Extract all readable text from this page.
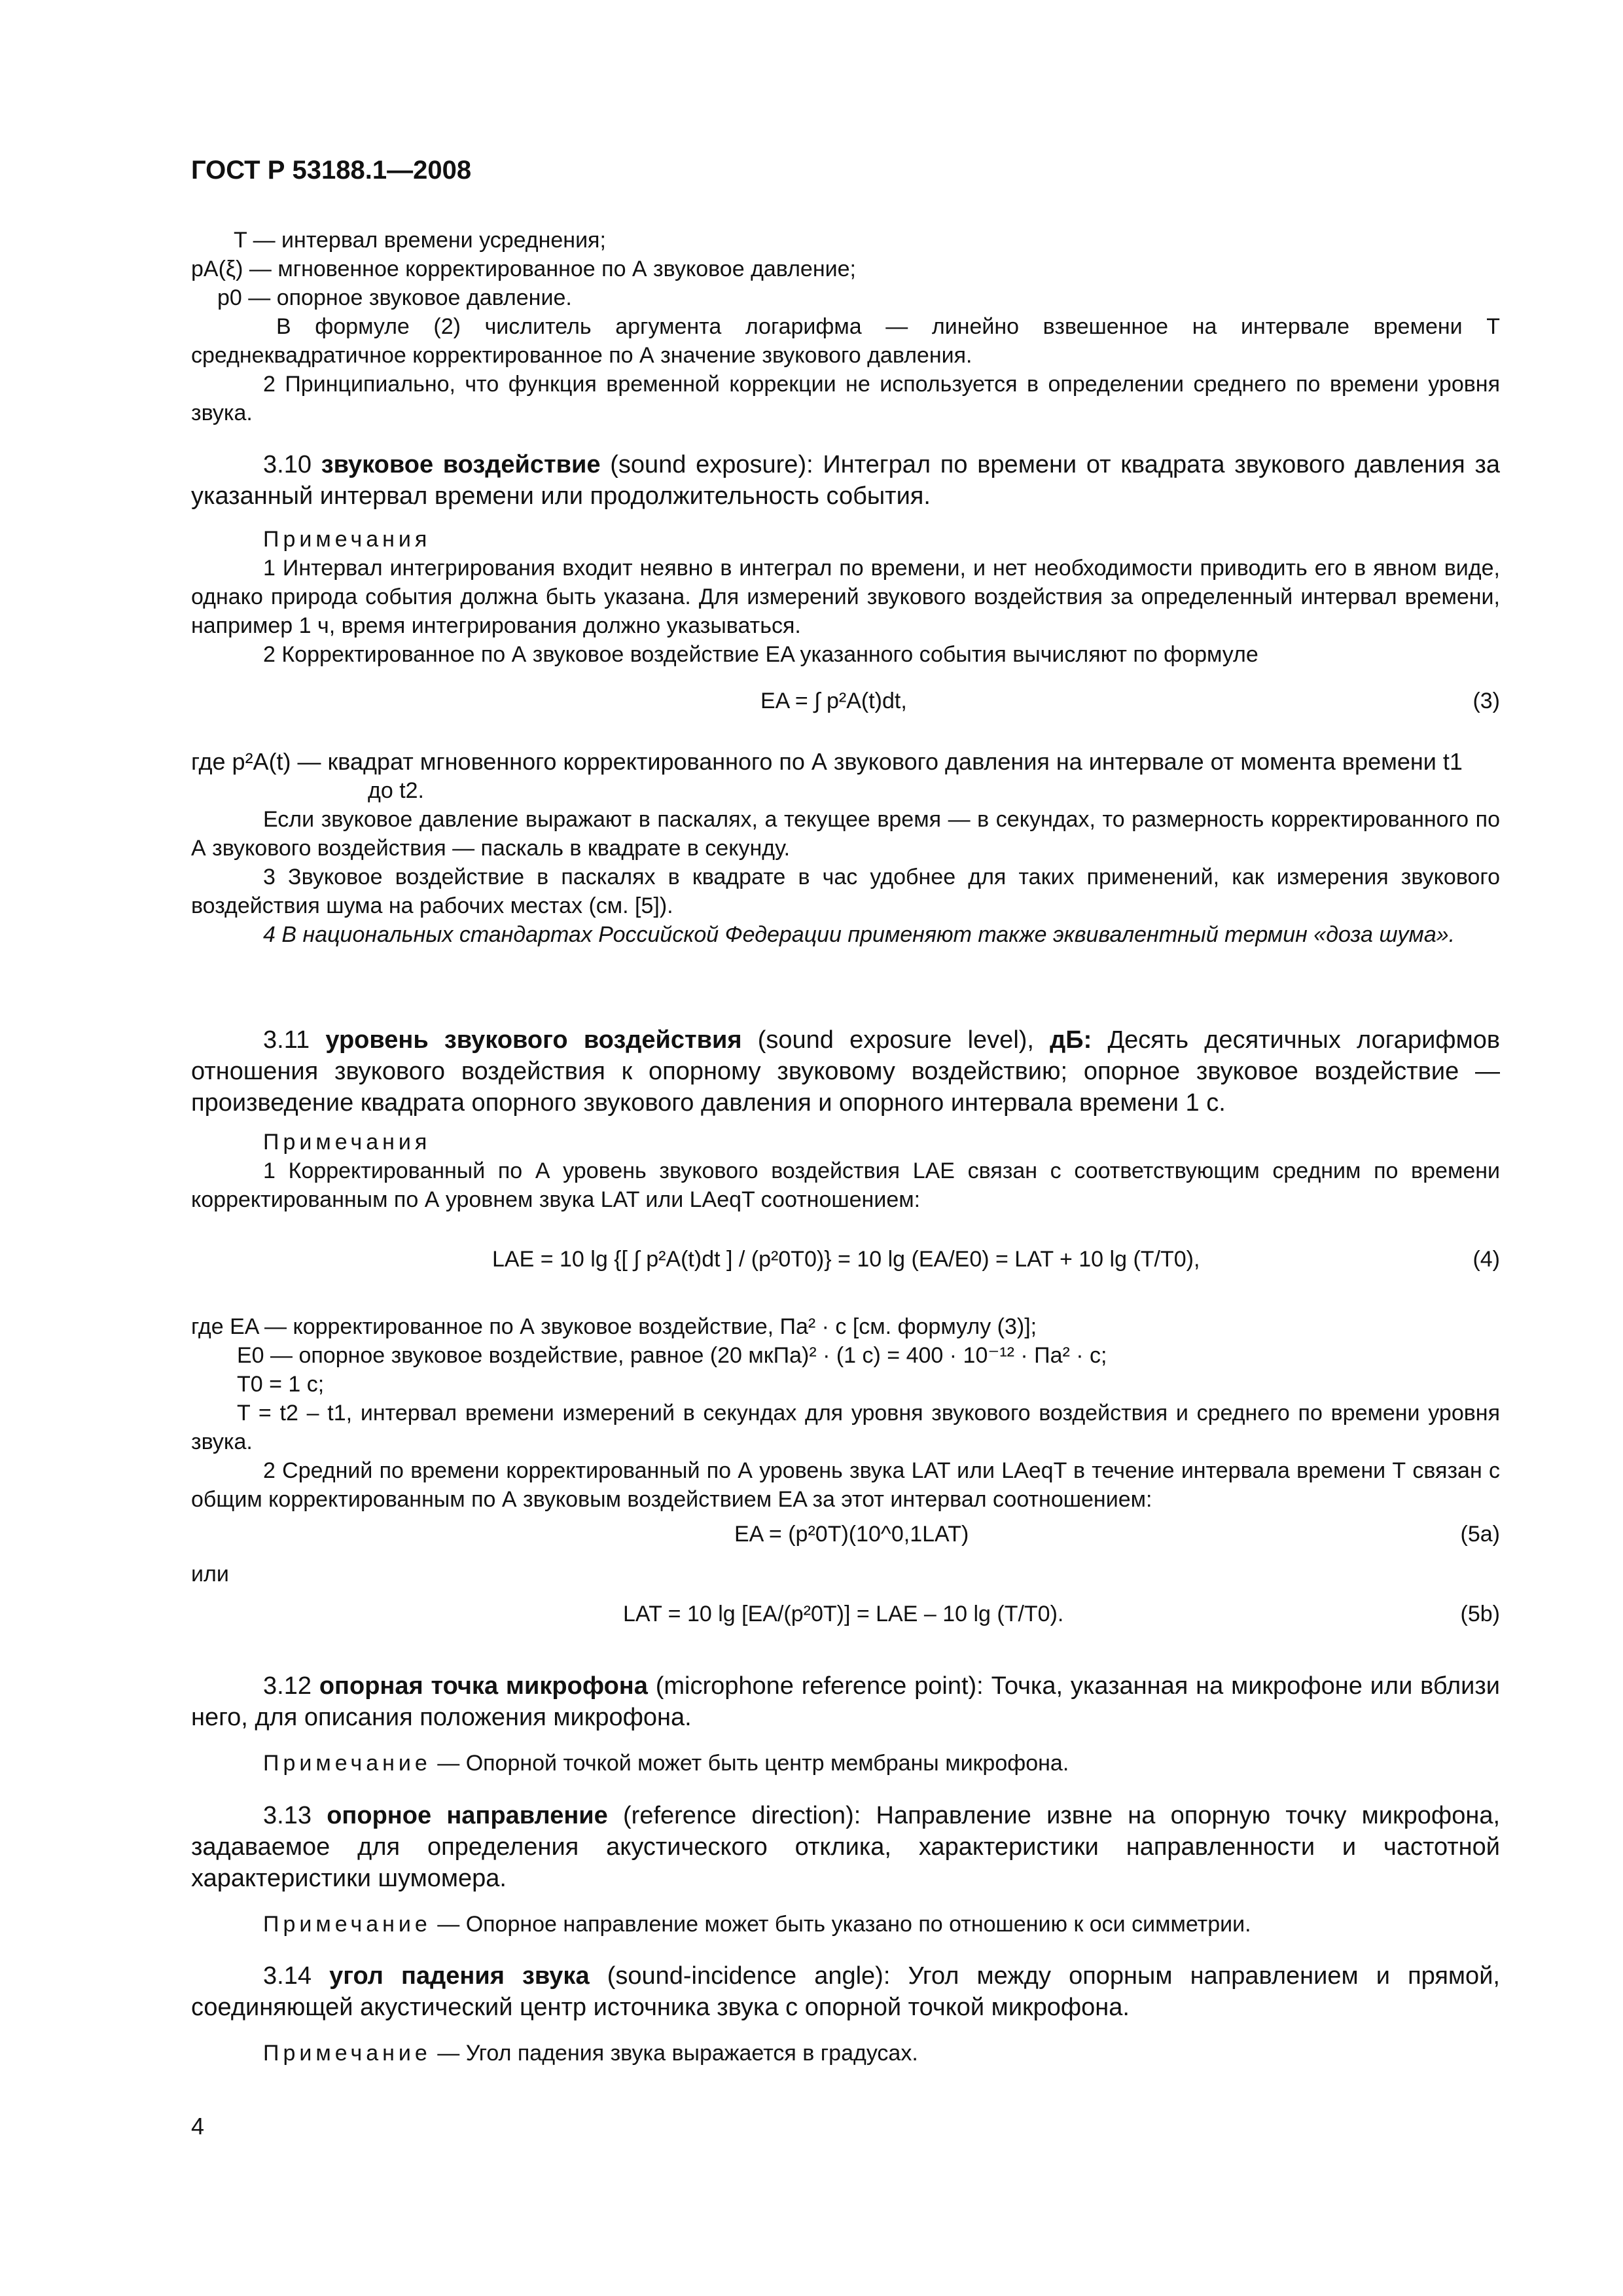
ГОСТ Р 53188.1—2008

T — интервал времени усреднения;

pA(ξ) — мгновенное корректированное по А звуковое давление;

p0 — опорное звуковое давление.

В формуле (2) числитель аргумента логарифма — линейно взвешенное на интервале времени Т среднеквадратичное корректированное по А значение звукового давления.

2 Принципиально, что функция временной коррекции не используется в определении среднего по времени уровня звука.

3.10 звуковое воздействие (sound exposure): Интеграл по времени от квадрата звукового давления за указанный интервал времени или продолжительность события.

Примечания

1 Интервал интегрирования входит неявно в интеграл по времени, и нет необходимости приводить его в явном виде, однако природа события должна быть указана. Для измерений звукового воздействия за определенный интервал времени, например 1 ч, время интегрирования должно указываться.

2 Корректированное по А звуковое воздействие EA указанного события вычисляют по формуле

EA = ∫ p²A(t)dt,	(3)

где p²A(t) — квадрат мгновенного корректированного по А звукового давления на интервале от момента времени t1

до t2.

Если звуковое давление выражают в паскалях, а текущее время — в секундах, то размерность корректированного по А звукового воздействия — паскаль в квадрате в секунду.

3 Звуковое воздействие в паскалях в квадрате в час удобнее для таких применений, как измерения звукового воздействия шума на рабочих местах (см. [5]).

4 В национальных стандартах Российской Федерации применяют также эквивалентный термин «доза шума».

3.11 уровень звукового воздействия (sound exposure level), дБ: Десять десятичных логарифмов отношения звукового воздействия к опорному звуковому воздействию; опорное звуковое воздействие — произведение квадрата опорного звукового давления и опорного интервала времени 1 с.

Примечания

1 Корректированный по А уровень звукового воздействия LAE связан с соответствующим средним по времени корректированным по А уровнем звука LAT или LAeqT соотношением:

LAE = 10 lg {[ ∫ p²A(t)dt ] / (p²0T0)} = 10 lg (EA/E0) = LAT + 10 lg (T/T0),	(4)

где EA — корректированное по А звуковое воздействие, Па² · с [см. формулу (3)];

E0 — опорное звуковое воздействие, равное (20 мкПа)² · (1 с) = 400 · 10⁻¹² · Па² · с;

T0 = 1 с;

T = t2 – t1, интервал времени измерений в секундах для уровня звукового воздействия и среднего по времени уровня звука.

2 Средний по времени корректированный по А уровень звука LAT или LAeqT в течение интервала времени Т связан с общим корректированным по А звуковым воздействием EA за этот интервал соотношением:

EA = (p²0T)(10^0,1LAT)	(5а)

или

LAT = 10 lg [EA/(p²0T)] = LAE – 10 lg (T/T0).	(5b)

3.12 опорная точка микрофона (microphone reference point): Точка, указанная на микрофоне или вблизи него, для описания положения микрофона.

Примечание — Опорной точкой может быть центр мембраны микрофона.

3.13 опорное направление (reference direction): Направление извне на опорную точку микрофона, задаваемое для определения акустического отклика, характеристики направленности и частотной характеристики шумомера.

Примечание — Опорное направление может быть указано по отношению к оси симметрии.

3.14 угол падения звука (sound-incidence angle): Угол между опорным направлением и прямой, соединяющей акустический центр источника звука с опорной точкой микрофона.

Примечание — Угол падения звука выражается в градусах.

4
